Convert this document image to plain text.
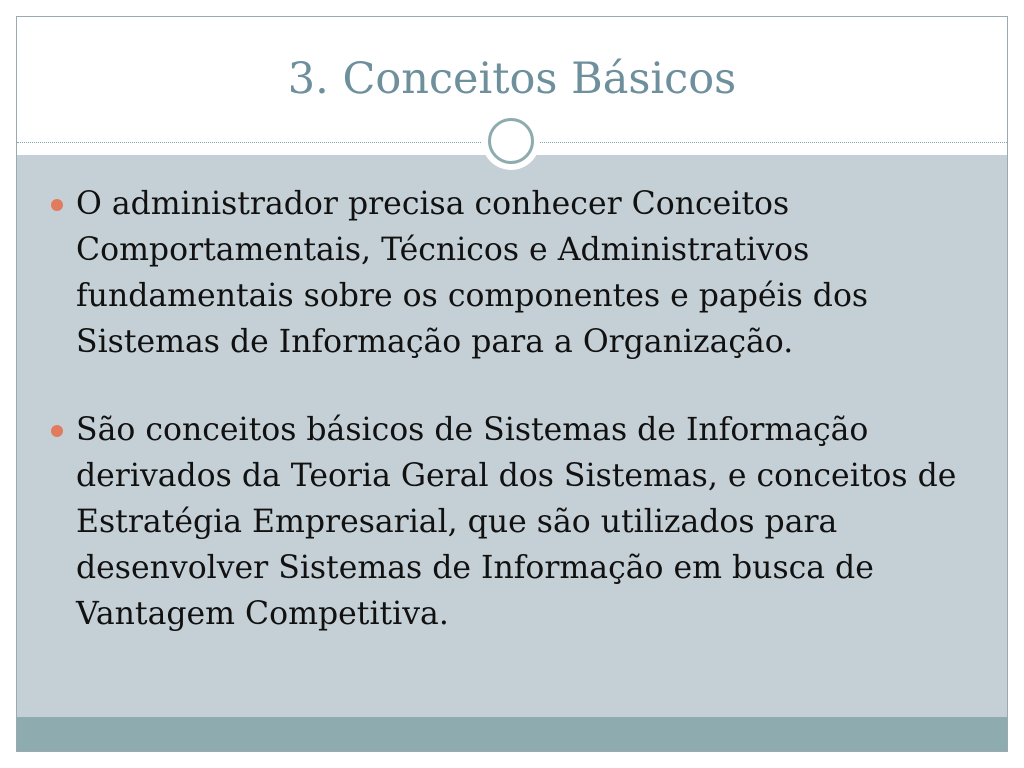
3. Conceitos Básicos
O administrador precisa conhecer Conceitos Comportamentais, Técnicos e Administrativos fundamentais sobre os componentes e papéis dos Sistemas de Informação para a Organização.
São conceitos básicos de Sistemas de Informação derivados da Teoria Geral dos Sistemas, e conceitos de Estratégia Empresarial, que são utilizados para desenvolver Sistemas de Informação em busca de Vantagem Competitiva.
